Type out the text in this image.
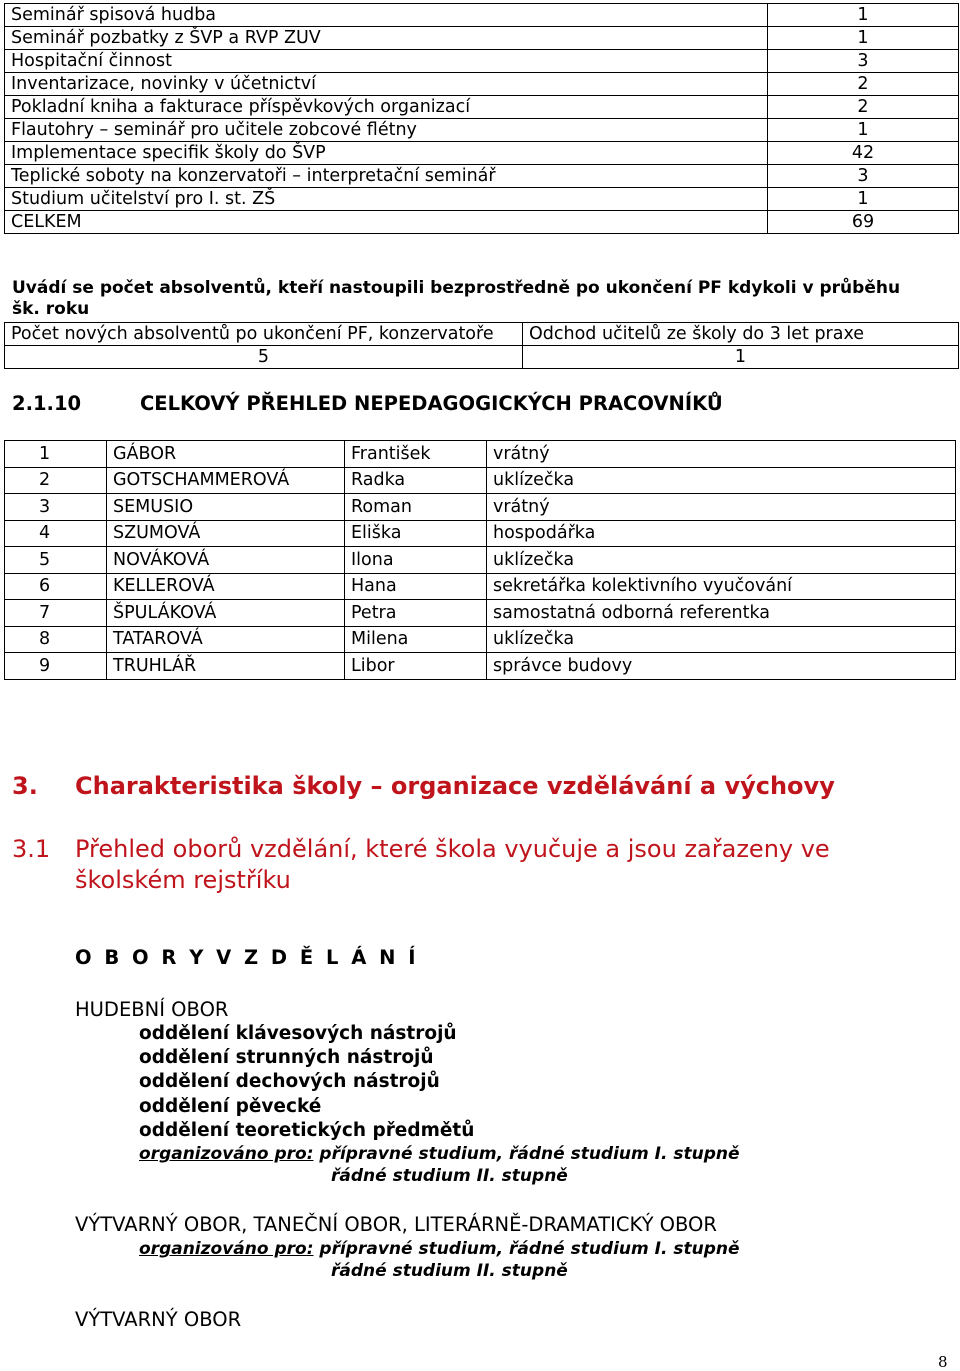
Seminář spisová hudba	1
Seminář pozbatky z ŠVP a RVP ZUV	1
Hospitační činnost	3
Inventarizace, novinky v účetnictví	2
Pokladní kniha a fakturace příspěvkových organizací	2
Flautohry – seminář pro učitele zobcové flétny	1
Implementace specifik školy do ŠVP	42
Teplické soboty na konzervatoři – interpretační seminář	3
Studium učitelství pro I. st. ZŠ	1
CELKEM	69
Uvádí se počet absolventů, kteří nastoupili bezprostředně po ukončení PF kdykoli v průběhu šk. roku
Počet nových absolventů po ukončení PF, konzervatoře	Odchod učitelů ze školy do 3 let praxe
5	1
2.1.10	CELKOVÝ PŘEHLED NEPEDAGOGICKÝCH PRACOVNÍKŮ
1	GÁBOR	František	vrátný
2	GOTSCHAMMEROVÁ	Radka	uklízečka
3	SEMUSIO	Roman	vrátný
4	SZUMOVÁ	Eliška	hospodářka
5	NOVÁKOVÁ	Ilona	uklízečka
6	KELLEROVÁ	Hana	sekretářka kolektivního vyučování
7	ŠPULÁKOVÁ	Petra	samostatná odborná referentka
8	TATAROVÁ	Milena	uklízečka
9	TRUHLÁŘ	Libor	správce budovy
3. Charakteristika školy – organizace vzdělávání a výchovy
3.1 Přehled oborů vzdělání, které škola vyučuje a jsou zařazeny ve školském rejstříku
O B O R Y V Z D Ě L Á N Í
HUDEBNÍ OBOR
oddělení klávesových nástrojů
oddělení strunných nástrojů
oddělení dechových nástrojů
oddělení pěvecké
oddělení teoretických předmětů
organizováno pro: přípravné studium, řádné studium I. stupně
řádné studium II. stupně
VÝTVARNÝ OBOR, TANEČNÍ OBOR, LITERÁRNĚ-DRAMATICKÝ OBOR
organizováno pro: přípravné studium, řádné studium I. stupně
řádné studium II. stupně
VÝTVARNÝ OBOR
8
